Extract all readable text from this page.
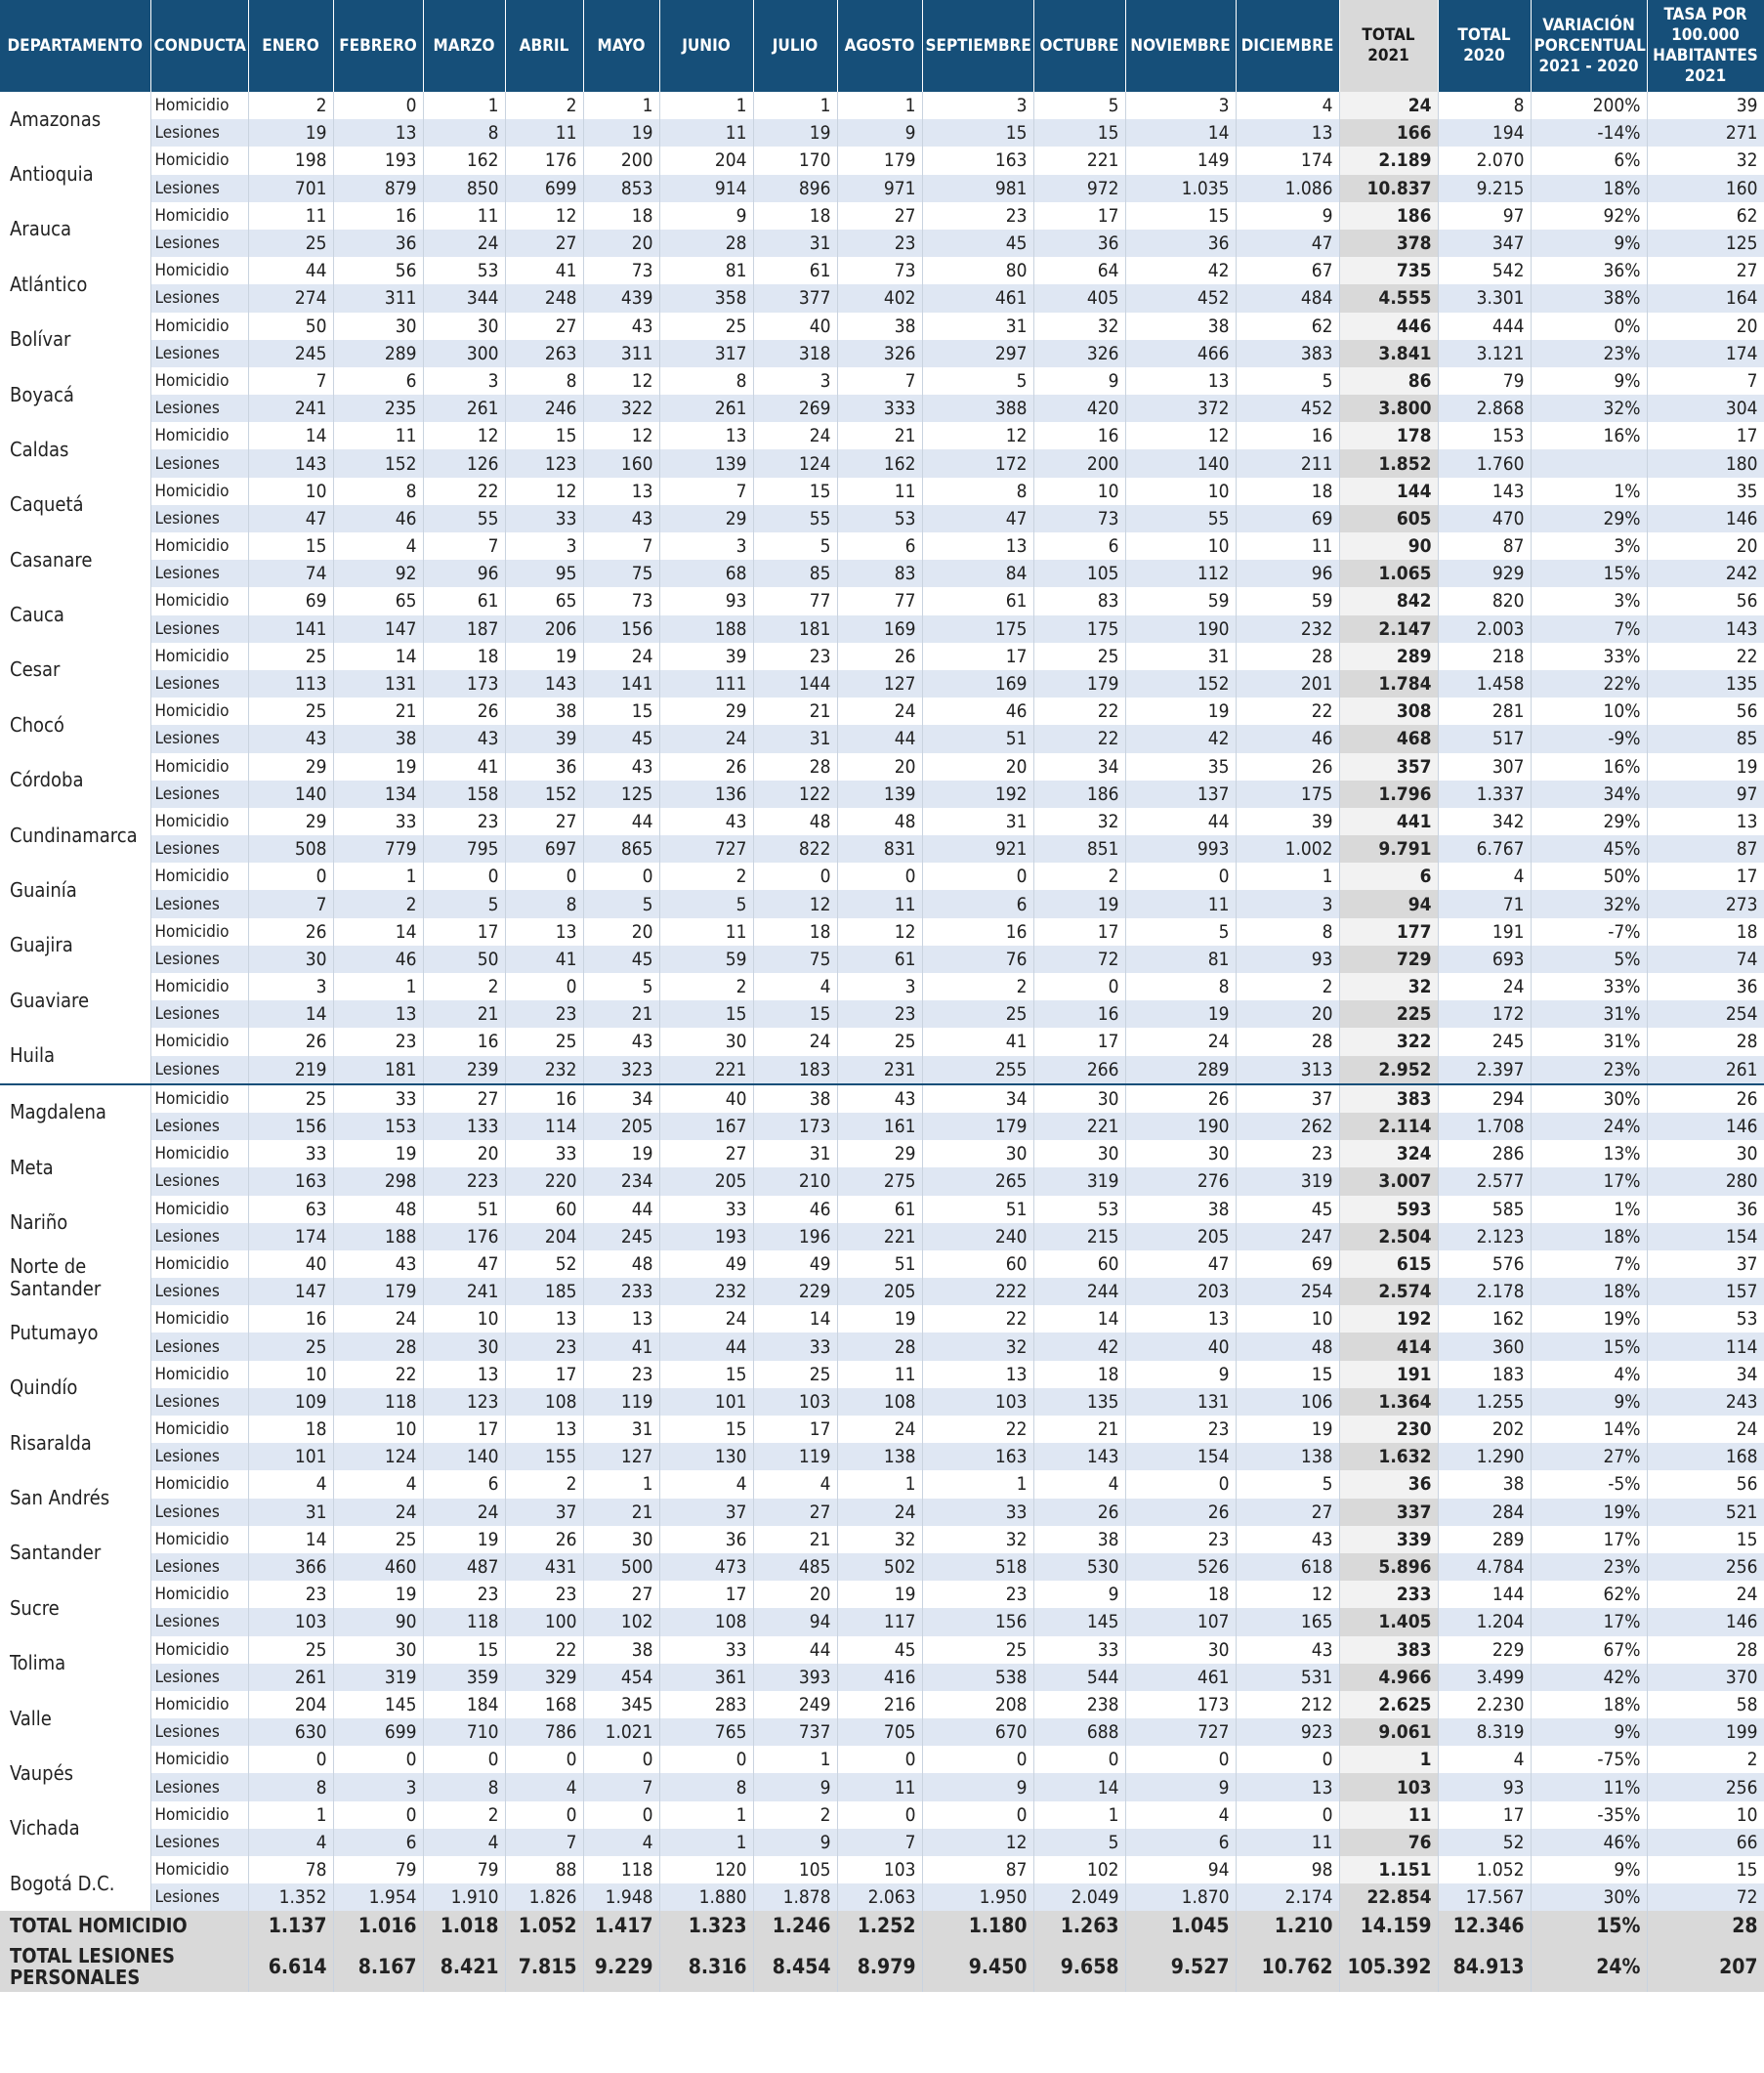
DEPARTAMENTO	CONDUCTA	ENERO	FEBRERO	MARZO	ABRIL	MAYO	JUNIO	JULIO	AGOSTO	SEPTIEMBRE	OCTUBRE	NOVIEMBRE	DICIEMBRE	TOTAL 2021	TOTAL 2020	VARIACIÓN PORCENTUAL 2021 - 2020	TASA POR 100.000 HABITANTES 2021
Amazonas	Homicidio	2	0	1	2	1	1	1	1	3	5	3	4	24	8	200%	39
	Lesiones	19	13	8	11	19	11	19	9	15	15	14	13	166	194	-14%	271
Antioquia	Homicidio	198	193	162	176	200	204	170	179	163	221	149	174	2.189	2.070	6%	32
	Lesiones	701	879	850	699	853	914	896	971	981	972	1.035	1.086	10.837	9.215	18%	160
Arauca	Homicidio	11	16	11	12	18	9	18	27	23	17	15	9	186	97	92%	62
	Lesiones	25	36	24	27	20	28	31	23	45	36	36	47	378	347	9%	125
Atlántico	Homicidio	44	56	53	41	73	81	61	73	80	64	42	67	735	542	36%	27
	Lesiones	274	311	344	248	439	358	377	402	461	405	452	484	4.555	3.301	38%	164
Bolívar	Homicidio	50	30	30	27	43	25	40	38	31	32	38	62	446	444	0%	20
	Lesiones	245	289	300	263	311	317	318	326	297	326	466	383	3.841	3.121	23%	174
Boyacá	Homicidio	7	6	3	8	12	8	3	7	5	9	13	5	86	79	9%	7
	Lesiones	241	235	261	246	322	261	269	333	388	420	372	452	3.800	2.868	32%	304
Caldas	Homicidio	14	11	12	15	12	13	24	21	12	16	12	16	178	153	16%	17
	Lesiones	143	152	126	123	160	139	124	162	172	200	140	211	1.852	1.760		180
Caquetá	Homicidio	10	8	22	12	13	7	15	11	8	10	10	18	144	143	1%	35
	Lesiones	47	46	55	33	43	29	55	53	47	73	55	69	605	470	29%	146
Casanare	Homicidio	15	4	7	3	7	3	5	6	13	6	10	11	90	87	3%	20
	Lesiones	74	92	96	95	75	68	85	83	84	105	112	96	1.065	929	15%	242
Cauca	Homicidio	69	65	61	65	73	93	77	77	61	83	59	59	842	820	3%	56
	Lesiones	141	147	187	206	156	188	181	169	175	175	190	232	2.147	2.003	7%	143
Cesar	Homicidio	25	14	18	19	24	39	23	26	17	25	31	28	289	218	33%	22
	Lesiones	113	131	173	143	141	111	144	127	169	179	152	201	1.784	1.458	22%	135
Chocó	Homicidio	25	21	26	38	15	29	21	24	46	22	19	22	308	281	10%	56
	Lesiones	43	38	43	39	45	24	31	44	51	22	42	46	468	517	-9%	85
Córdoba	Homicidio	29	19	41	36	43	26	28	20	20	34	35	26	357	307	16%	19
	Lesiones	140	134	158	152	125	136	122	139	192	186	137	175	1.796	1.337	34%	97
Cundinamarca	Homicidio	29	33	23	27	44	43	48	48	31	32	44	39	441	342	29%	13
	Lesiones	508	779	795	697	865	727	822	831	921	851	993	1.002	9.791	6.767	45%	87
Guainía	Homicidio	0	1	0	0	0	2	0	0	0	2	0	1	6	4	50%	17
	Lesiones	7	2	5	8	5	5	12	11	6	19	11	3	94	71	32%	273
Guajira	Homicidio	26	14	17	13	20	11	18	12	16	17	5	8	177	191	-7%	18
	Lesiones	30	46	50	41	45	59	75	61	76	72	81	93	729	693	5%	74
Guaviare	Homicidio	3	1	2	0	5	2	4	3	2	0	8	2	32	24	33%	36
	Lesiones	14	13	21	23	21	15	15	23	25	16	19	20	225	172	31%	254
Huila	Homicidio	26	23	16	25	43	30	24	25	41	17	24	28	322	245	31%	28
	Lesiones	219	181	239	232	323	221	183	231	255	266	289	313	2.952	2.397	23%	261
Magdalena	Homicidio	25	33	27	16	34	40	38	43	34	30	26	37	383	294	30%	26
	Lesiones	156	153	133	114	205	167	173	161	179	221	190	262	2.114	1.708	24%	146
Meta	Homicidio	33	19	20	33	19	27	31	29	30	30	30	23	324	286	13%	30
	Lesiones	163	298	223	220	234	205	210	275	265	319	276	319	3.007	2.577	17%	280
Nariño	Homicidio	63	48	51	60	44	33	46	61	51	53	38	45	593	585	1%	36
	Lesiones	174	188	176	204	245	193	196	221	240	215	205	247	2.504	2.123	18%	154
Norte de Santander	Homicidio	40	43	47	52	48	49	49	51	60	60	47	69	615	576	7%	37
	Lesiones	147	179	241	185	233	232	229	205	222	244	203	254	2.574	2.178	18%	157
Putumayo	Homicidio	16	24	10	13	13	24	14	19	22	14	13	10	192	162	19%	53
	Lesiones	25	28	30	23	41	44	33	28	32	42	40	48	414	360	15%	114
Quindío	Homicidio	10	22	13	17	23	15	25	11	13	18	9	15	191	183	4%	34
	Lesiones	109	118	123	108	119	101	103	108	103	135	131	106	1.364	1.255	9%	243
Risaralda	Homicidio	18	10	17	13	31	15	17	24	22	21	23	19	230	202	14%	24
	Lesiones	101	124	140	155	127	130	119	138	163	143	154	138	1.632	1.290	27%	168
San Andrés	Homicidio	4	4	6	2	1	4	4	1	1	4	0	5	36	38	-5%	56
	Lesiones	31	24	24	37	21	37	27	24	33	26	26	27	337	284	19%	521
Santander	Homicidio	14	25	19	26	30	36	21	32	32	38	23	43	339	289	17%	15
	Lesiones	366	460	487	431	500	473	485	502	518	530	526	618	5.896	4.784	23%	256
Sucre	Homicidio	23	19	23	23	27	17	20	19	23	9	18	12	233	144	62%	24
	Lesiones	103	90	118	100	102	108	94	117	156	145	107	165	1.405	1.204	17%	146
Tolima	Homicidio	25	30	15	22	38	33	44	45	25	33	30	43	383	229	67%	28
	Lesiones	261	319	359	329	454	361	393	416	538	544	461	531	4.966	3.499	42%	370
Valle	Homicidio	204	145	184	168	345	283	249	216	208	238	173	212	2.625	2.230	18%	58
	Lesiones	630	699	710	786	1.021	765	737	705	670	688	727	923	9.061	8.319	9%	199
Vaupés	Homicidio	0	0	0	0	0	0	1	0	0	0	0	0	1	4	-75%	2
	Lesiones	8	3	8	4	7	8	9	11	9	14	9	13	103	93	11%	256
Vichada	Homicidio	1	0	2	0	0	1	2	0	0	1	4	0	11	17	-35%	10
	Lesiones	4	6	4	7	4	1	9	7	12	5	6	11	76	52	46%	66
Bogotá D.C.	Homicidio	78	79	79	88	118	120	105	103	87	102	94	98	1.151	1.052	9%	15
	Lesiones	1.352	1.954	1.910	1.826	1.948	1.880	1.878	2.063	1.950	2.049	1.870	2.174	22.854	17.567	30%	72
TOTAL HOMICIDIO		1.137	1.016	1.018	1.052	1.417	1.323	1.246	1.252	1.180	1.263	1.045	1.210	14.159	12.346	15%	28
TOTAL LESIONES PERSONALES		6.614	8.167	8.421	7.815	9.229	8.316	8.454	8.979	9.450	9.658	9.527	10.762	105.392	84.913	24%	207
